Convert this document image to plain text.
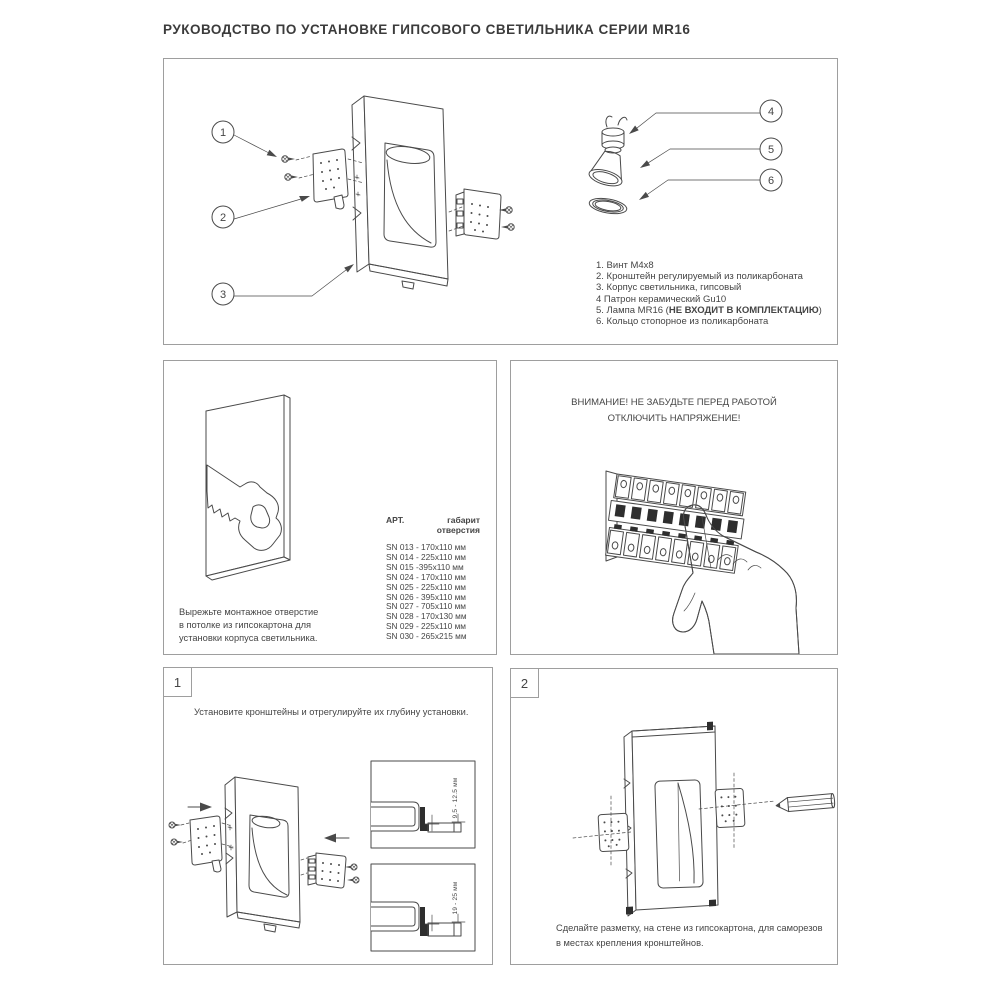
РУКОВОДСТВО ПО УСТАНОВКЕ ГИПСОВОГО СВЕТИЛЬНИКА СЕРИИ MR16
1
2
3
4
5
6
1. Винт М4х8
2. Кронштейн регулируемый из поликарбоната
3. Корпус светильника, гипсовый
4 Патрон керамический Gu10
5. Лампа MR16 (НЕ ВХОДИТ В КОМПЛЕКТАЦИЮ)
6. Кольцо стопорное из поликарбоната
Вырежьте монтажное отверстие
в потолке из гипсокартона для
установки корпуса светильника.
АРТ.	габарит
отверстия
SN 013 - 170x110 мм
SN 014 - 225x110 мм
SN 015 -395x110 мм
SN 024 - 170x110 мм
SN 025 - 225x110 мм
SN 026 - 395x110 мм
SN 027 - 705x110 мм
SN 028 - 170x130 мм
SN 029 - 225x110 мм
SN 030 - 265x215 мм
ВНИМАНИЕ! НЕ ЗАБУДЬТЕ ПЕРЕД РАБОТОЙ
ОТКЛЮЧИТЬ НАПРЯЖЕНИЕ!
1
Установите кронштейны и отрегулируйте их глубину установки.
9.5 - 12.5 мм
19 - 25 мм
2
Сделайте разметку, на стене из гипсокартона, для саморезов
в местах крепления кронштейнов.
